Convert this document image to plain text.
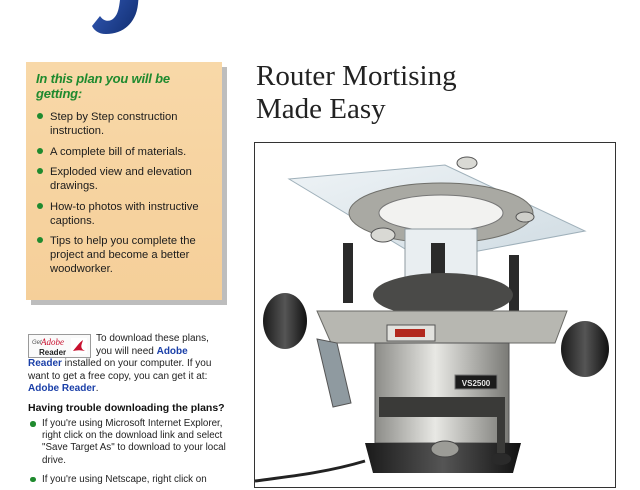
In this plan you will be getting:
Step by Step construction instruction.
A complete bill of materials.
Exploded view and elevation drawings.
How-to photos with instructive captions.
Tips to help you complete the project and become a better woodworker.
Get Adobe
Reader
To download these plans, you will need Adobe Reader installed on your computer. If you want to get a free copy, you can get it at: Adobe Reader.
Having trouble downloading the plans?
If you're using Microsoft Internet Explorer, right click on the download link and select "Save Target As" to download to your local drive.
If you're using Netscape, right click on
Router Mortising
Made Easy
VS2500
